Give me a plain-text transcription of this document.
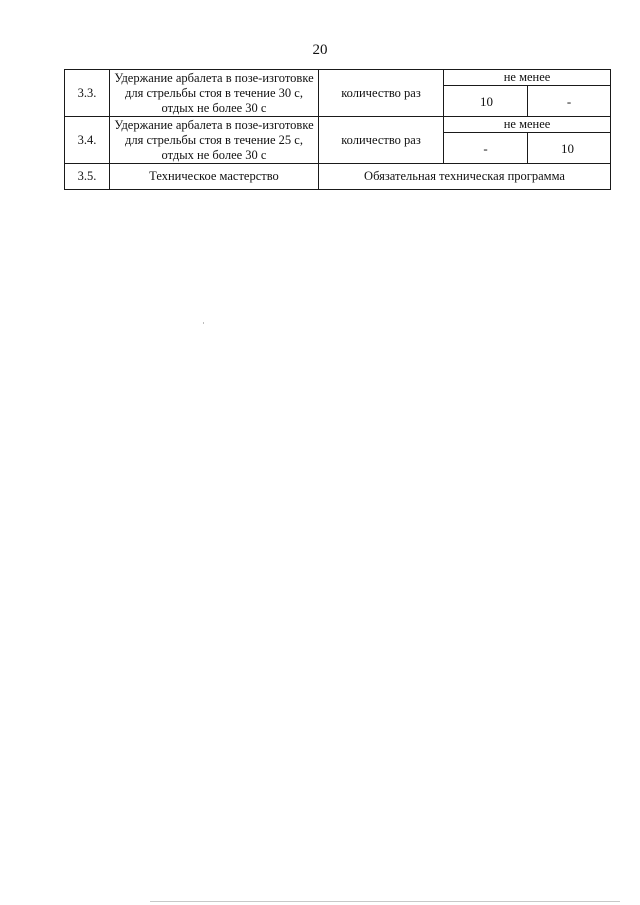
20
3.3.	Удержание арбалета в позе-изготовке для стрельбы стоя в течение 30 с, отдых не более 30 с	количество раз	не менее	
			10	-
3.4.	Удержание арбалета в позе-изготовке для стрельбы стоя в течение 25 с, отдых не более 30 с	количество раз	не менее	
			-	10
3.5.	Техническое мастерство	Обязательная техническая программа		
